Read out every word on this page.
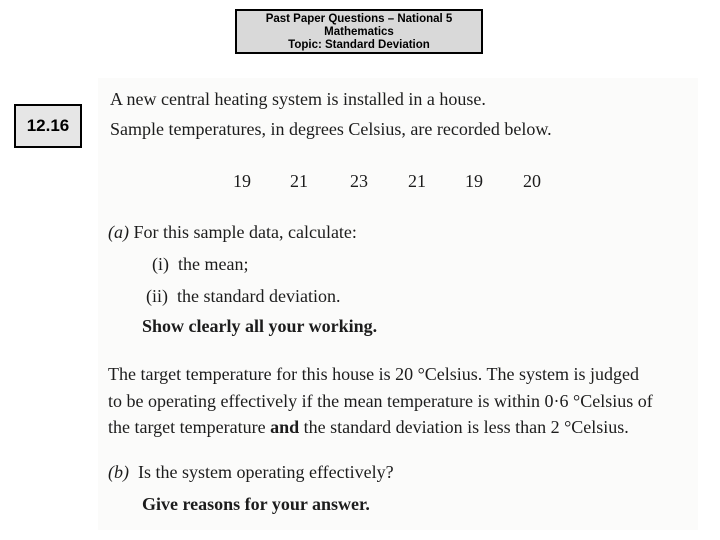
Past Paper Questions – National 5
Mathematics
Topic: Standard Deviation
12.16
A new central heating system is installed in a house.
Sample temperatures, in degrees Celsius, are recorded below.
19 21 23 21 19 20
(a) For this sample data, calculate:
(i) the mean;
(ii) the standard deviation.
Show clearly all your working.
The target temperature for this house is 20 °Celsius. The system is judged
to be operating effectively if the mean temperature is within 0·6 °Celsius of
the target temperature and the standard deviation is less than 2 °Celsius.
(b) Is the system operating effectively?
Give reasons for your answer.
